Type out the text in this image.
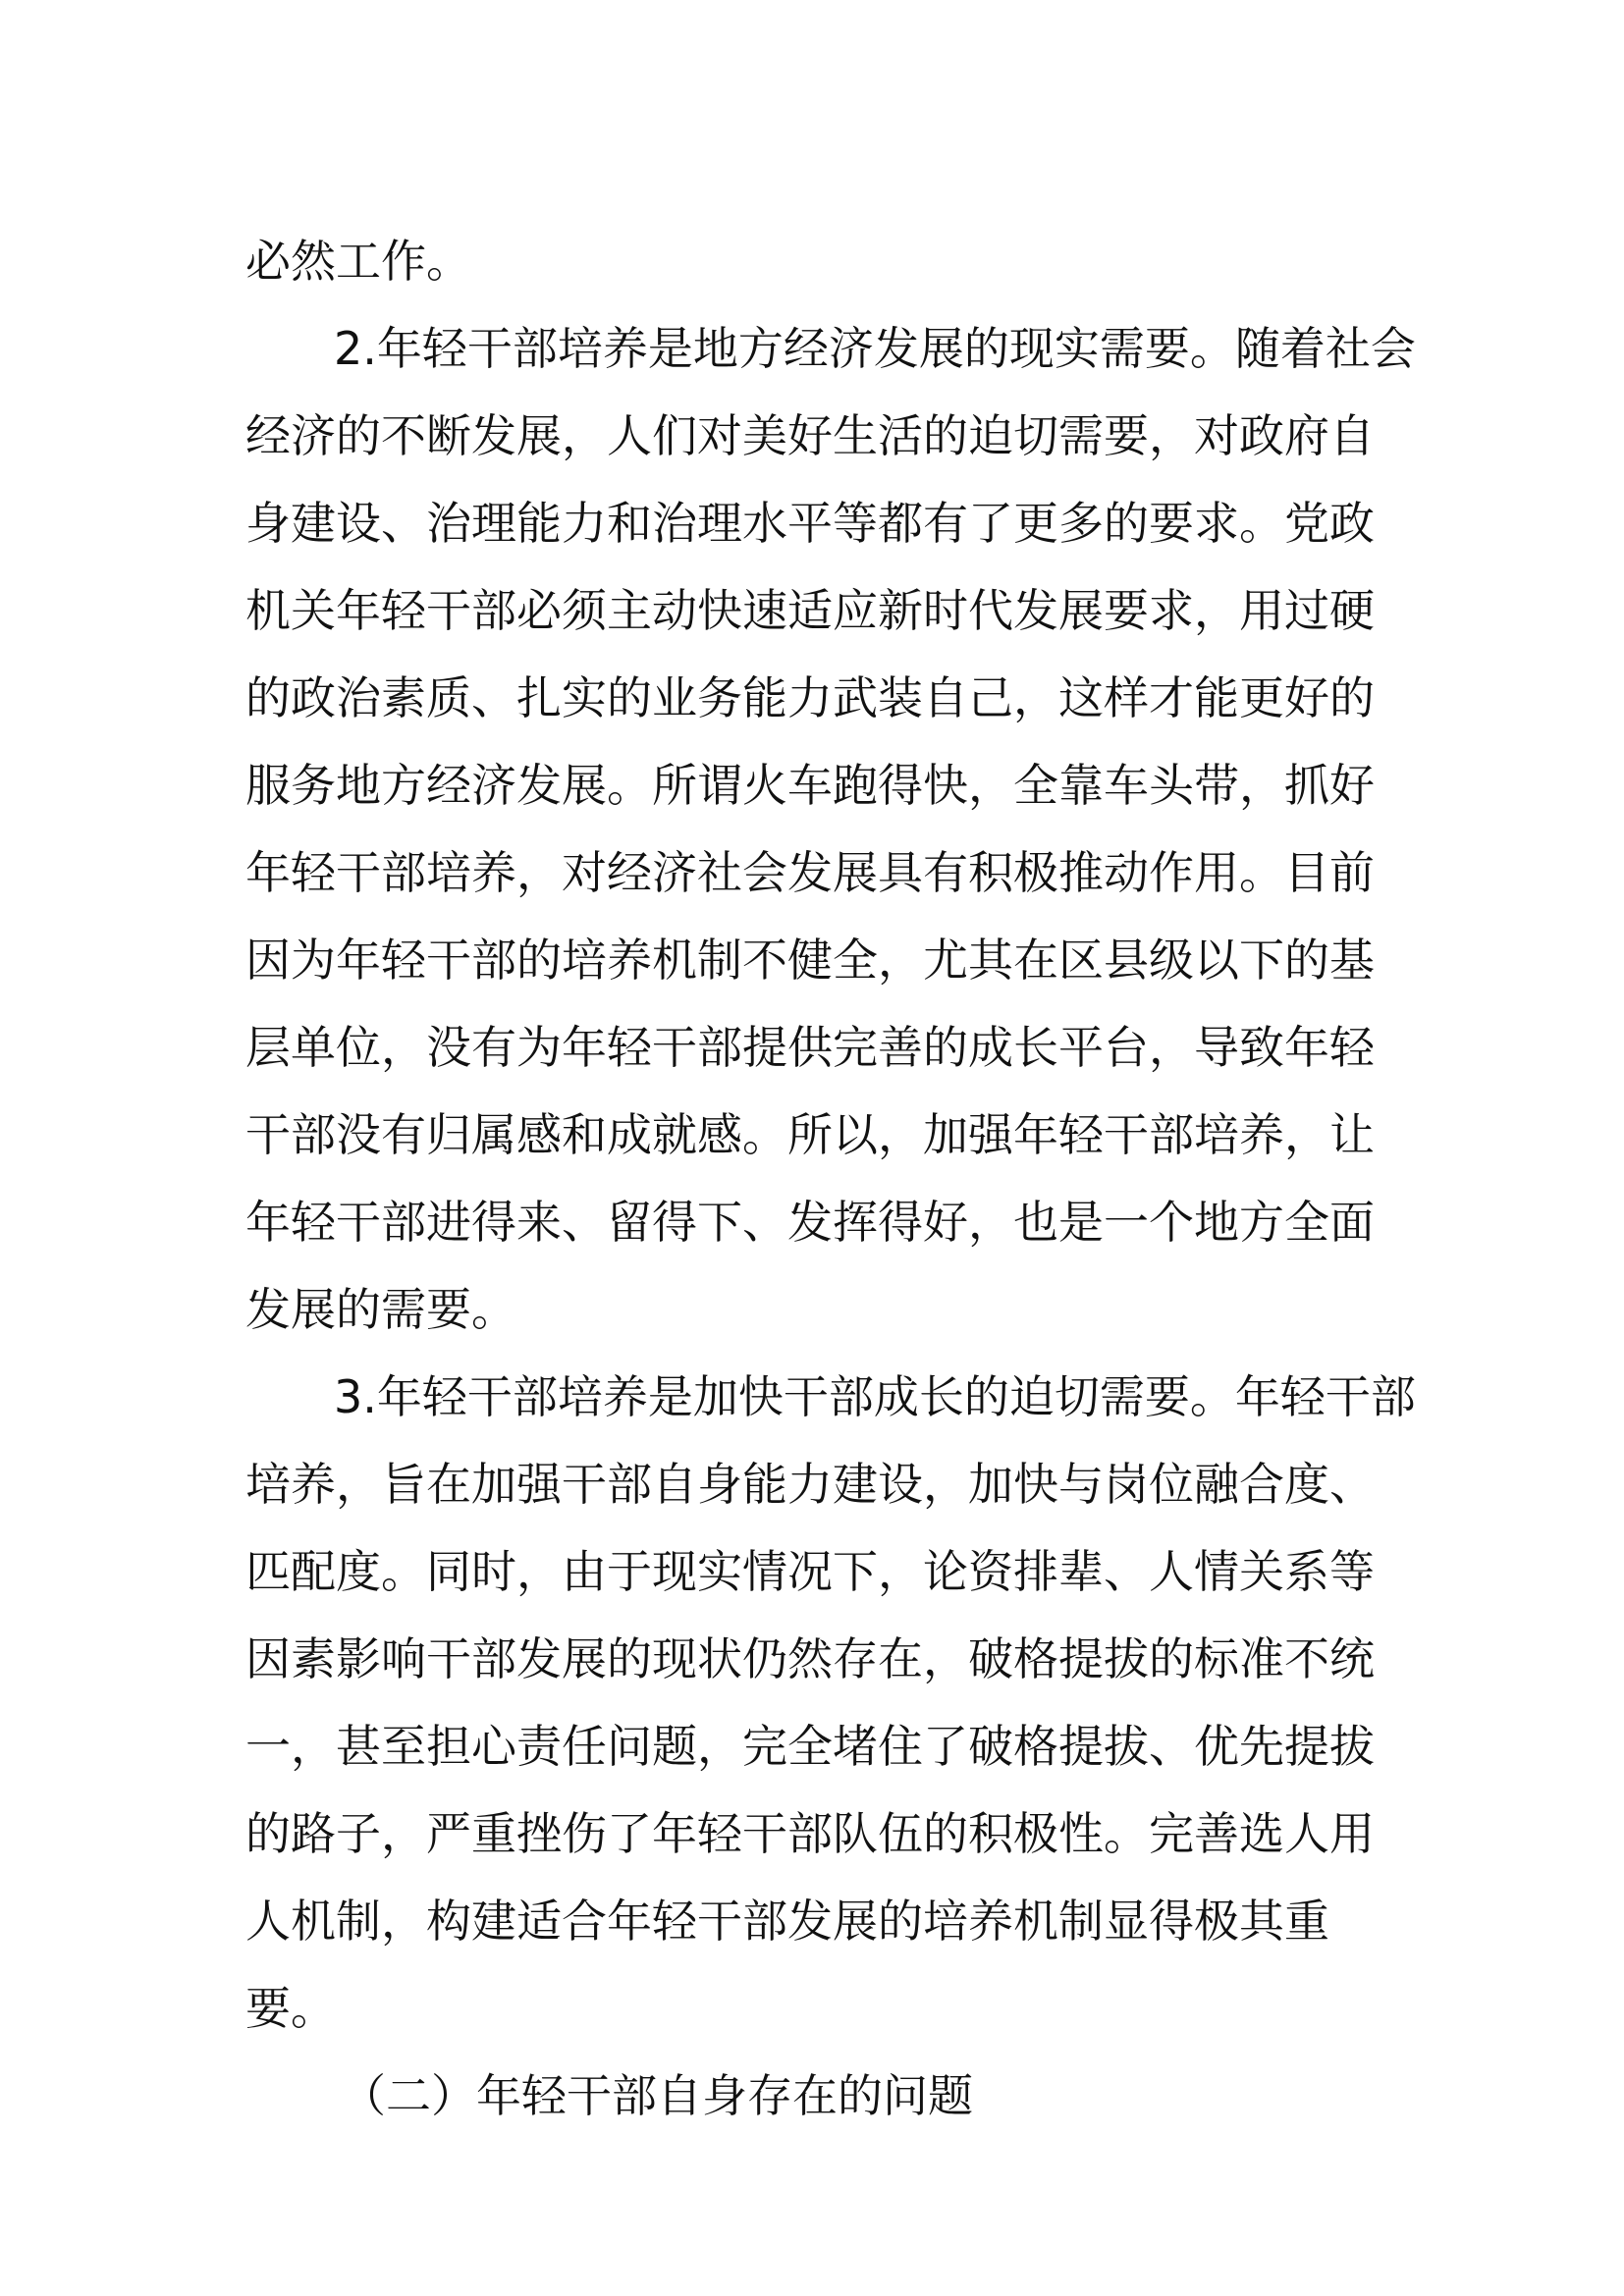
必然工作。
2.年轻干部培养是地方经济发展的现实需要。随着社会
经济的不断发展，人们对美好生活的迫切需要，对政府自
身建设、治理能力和治理水平等都有了更多的要求。党政
机关年轻干部必须主动快速适应新时代发展要求，用过硬
的政治素质、扎实的业务能力武装自己，这样才能更好的
服务地方经济发展。所谓火车跑得快，全靠车头带，抓好
年轻干部培养，对经济社会发展具有积极推动作用。目前
因为年轻干部的培养机制不健全，尤其在区县级以下的基
层单位，没有为年轻干部提供完善的成长平台，导致年轻
干部没有归属感和成就感。所以，加强年轻干部培养，让
年轻干部进得来、留得下、发挥得好，也是一个地方全面
发展的需要。
3.年轻干部培养是加快干部成长的迫切需要。年轻干部
培养，旨在加强干部自身能力建设，加快与岗位融合度、
匹配度。同时，由于现实情况下，论资排辈、人情关系等
因素影响干部发展的现状仍然存在，破格提拔的标准不统
一，甚至担心责任问题，完全堵住了破格提拔、优先提拔
的路子，严重挫伤了年轻干部队伍的积极性。完善选人用
人机制，构建适合年轻干部发展的培养机制显得极其重
要。
（二）年轻干部自身存在的问题
